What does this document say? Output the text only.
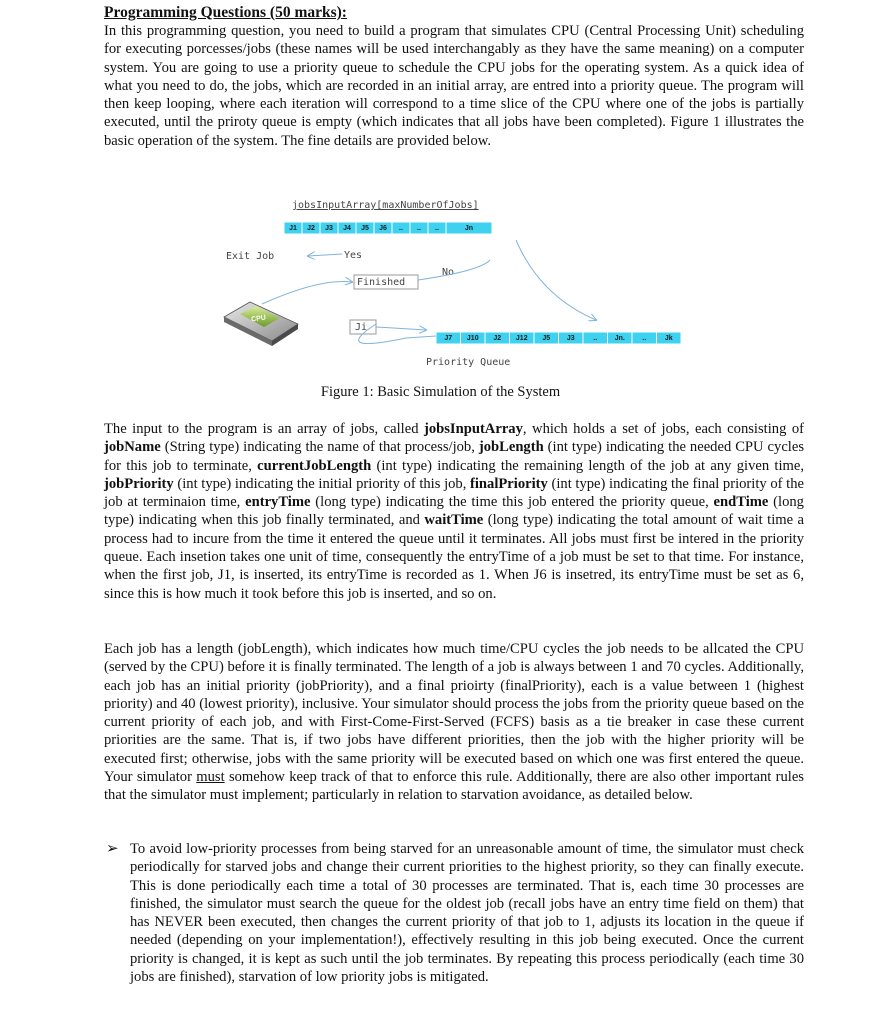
Programming Questions (50 marks):
In this programming question, you need to build a program that simulates CPU (Central Processing Unit) scheduling for executing porcesses/jobs (these names will be used interchangably as they have the same meaning) on a computer system. You are going to use a priority queue to schedule the CPU jobs for the operating system. As a quick idea of what you need to do, the jobs, which are recorded in an initial array, are entred into a priority queue. The program will then keep looping, where each iteration will correspond to a time slice of the CPU where one of the jobs is partially executed, until the priroty queue is empty (which indicates that all jobs have been completed). Figure 1 illustrates the basic operation of the system. The fine details are provided below.
jobsInputArray[maxNumberOfJobs]
J1 J2 J3 J4 J5 J6 .. .. ..	Jn
Exit Job	Yes
No
Finished
Ji
CPU
J7 J10 J2 J12 J5 J3	.. Jn. ..	Jk
Priority Queue
Figure 1: Basic Simulation of the System
The input to the program is an array of jobs, called jobsInputArray, which holds a set of jobs, each consisting of jobName (String type) indicating the name of that process/job, jobLength (int type) indicating the needed CPU cycles for this job to terminate, currentJobLength (int type) indicating the remaining length of the job at any given time, jobPriority (int type) indicating the initial priority of this job, finalPriority (int type) indicating the final priority of the job at terminaion time, entryTime (long type) indicating the time this job entered the priority queue, endTime (long type) indicating when this job finally terminated, and waitTime (long type) indicating the total amount of wait time a process had to incure from the time it entered the queue until it terminates. All jobs must first be intered in the priority queue. Each insetion takes one unit of time, consequently the entryTime of a job must be set to that time. For instance, when the first job, J1, is inserted, its entryTime is recorded as 1. When J6 is insetred, its entryTime must be set as 6, since this is how much it took before this job is inserted, and so on.
Each job has a length (jobLength), which indicates how much time/CPU cycles the job needs to be allcated the CPU (served by the CPU) before it is finally terminated. The length of a job is always between 1 and 70 cycles. Additionally, each job has an initial priority (jobPriority), and a final prioirty (finalPriority), each is a value between 1 (highest priority) and 40 (lowest priority), inclusive. Your simulator should process the jobs from the priority queue based on the current priority of each job, and with First-Come-First-Served (FCFS) basis as a tie breaker in case these current priorities are the same. That is, if two jobs have different priorities, then the job with the higher priority will be executed first; otherwise, jobs with the same priority will be executed based on which one was first entered the queue. Your simulator must somehow keep track of that to enforce this rule. Additionally, there are also other important rules that the simulator must implement; particularly in relation to starvation avoidance, as detailed below.
➢ To avoid low-priority processes from being starved for an unreasonable amount of time, the simulator must check periodically for starved jobs and change their current priorities to the highest priority, so they can finally execute. This is done periodically each time a total of 30 processes are terminated. That is, each time 30 processes are finished, the simulator must search the queue for the oldest job (recall jobs have an entry time field on them) that has NEVER been executed, then changes the current priority of that job to 1, adjusts its location in the queue if needed (depending on your implementation!), effectively resulting in this job being executed. Once the current priority is changed, it is kept as such until the job terminates. By repeating this process periodically (each time 30 jobs are finished), starvation of low priority jobs is mitigated.
